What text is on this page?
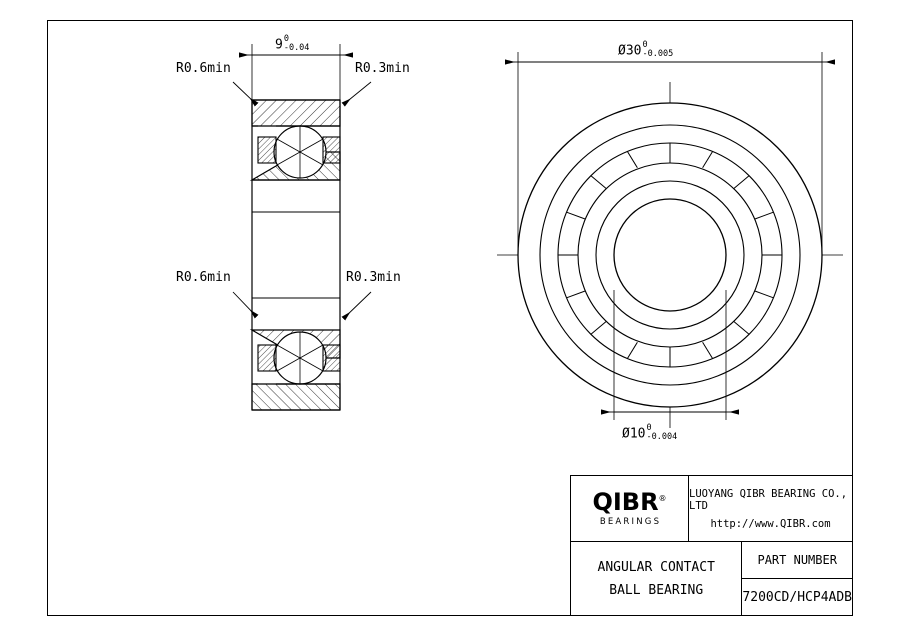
9 0
-0.04
R0.6min	R0.3min
R0.6min	R0.3min
Ø30 0
-0.005
Ø10 0
-0.004
QIBR®
BEARINGS
LUOYANG QIBR BEARING CO., LTD
http://www.QIBR.com
ANGULAR CONTACT
BALL BEARING
PART NUMBER
7200CD/HCP4ADB
